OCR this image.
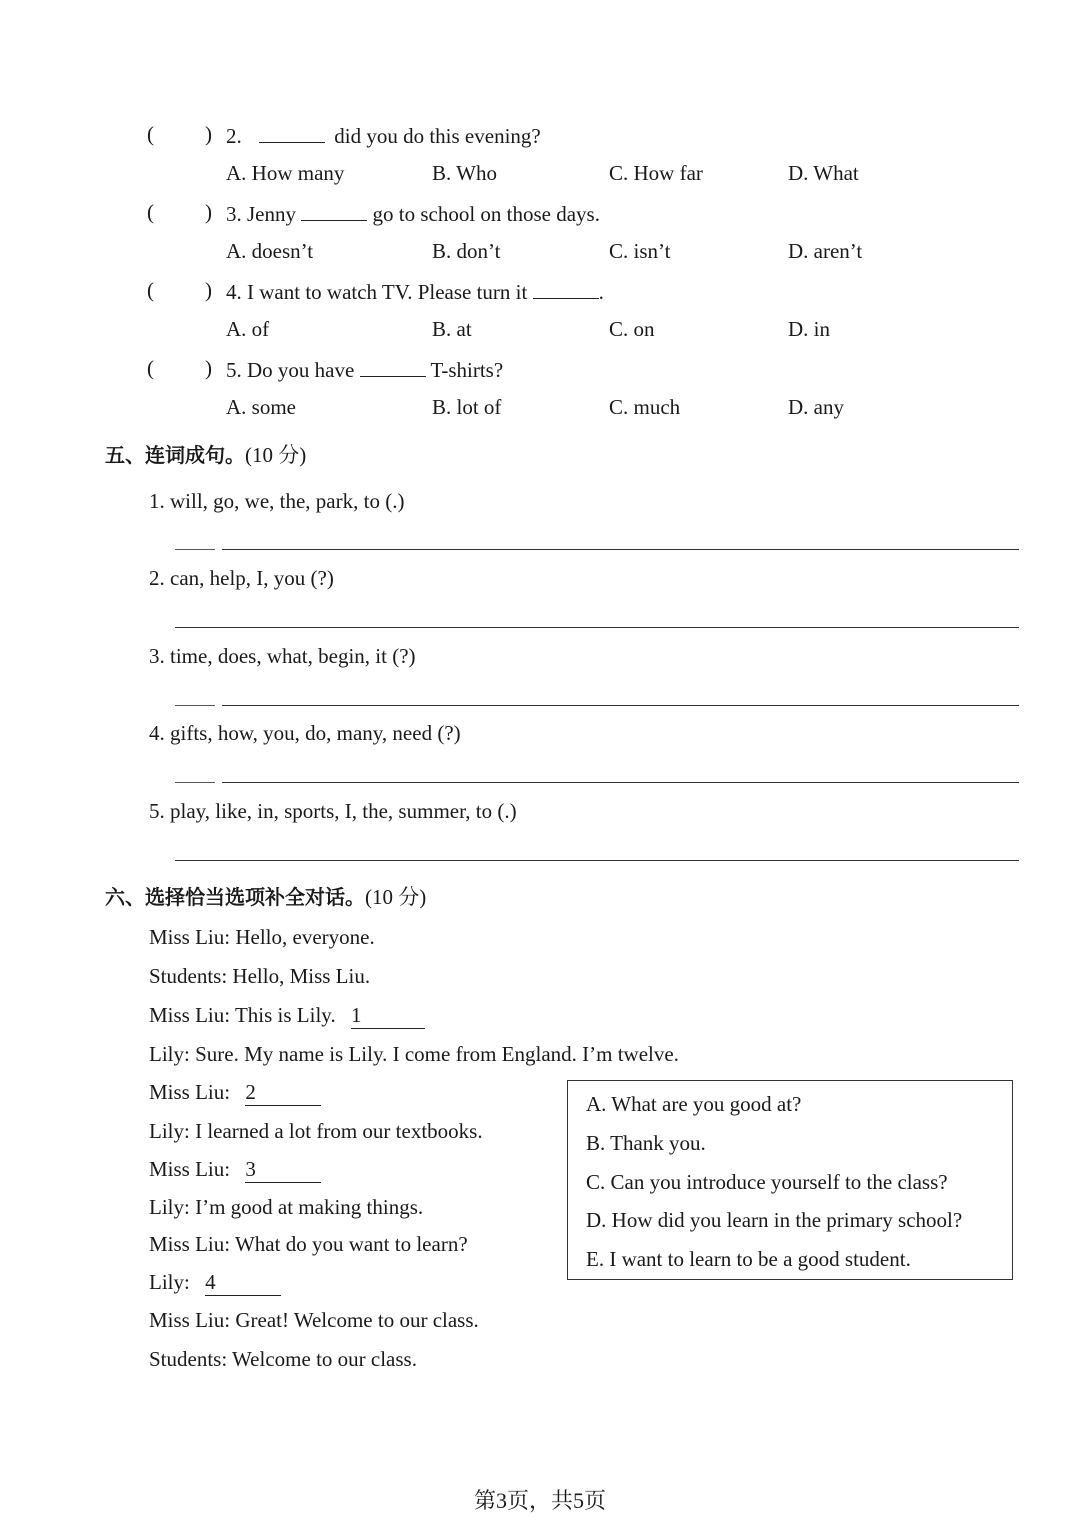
( ) 2.	did you do this evening?
A. How many	B. Who	C. How far	D. What
( ) 3. Jenny	go to school on those days.
A. doesn’t	B. don’t	C. isn’t	D. aren’t
( ) 4. I want to watch TV. Please turn it	.
A. of	B. at	C. on	D. in
( ) 5. Do you have	T-shirts?
A. some	B. lot of	C. much	D. any
五、连词成句。(10 分)
1. will, go, we, the, park, to (.)
2. can, help, I, you (?)
3. time, does, what, begin, it (?)
4. gifts, how, you, do, many, need (?)
5. play, like, in, sports, I, the, summer, to (.)
六、选择恰当选项补全对话。(10 分)
Miss Liu: Hello, everyone.
Students: Hello, Miss Liu.
Miss Liu: This is Lily. 1
Lily: Sure. My name is Lily. I come from England. I’m twelve.
Miss Liu: 2
Lily: I learned a lot from our textbooks.
Miss Liu: 3
Lily: I’m good at making things.
Miss Liu: What do you want to learn?
Lily: 4
Miss Liu: Great! Welcome to our class.
Students: Welcome to our class.
A. What are you good at?
B. Thank you.
C. Can you introduce yourself to the class?
D. How did you learn in the primary school?
E. I want to learn to be a good student.
第3页，共5页
